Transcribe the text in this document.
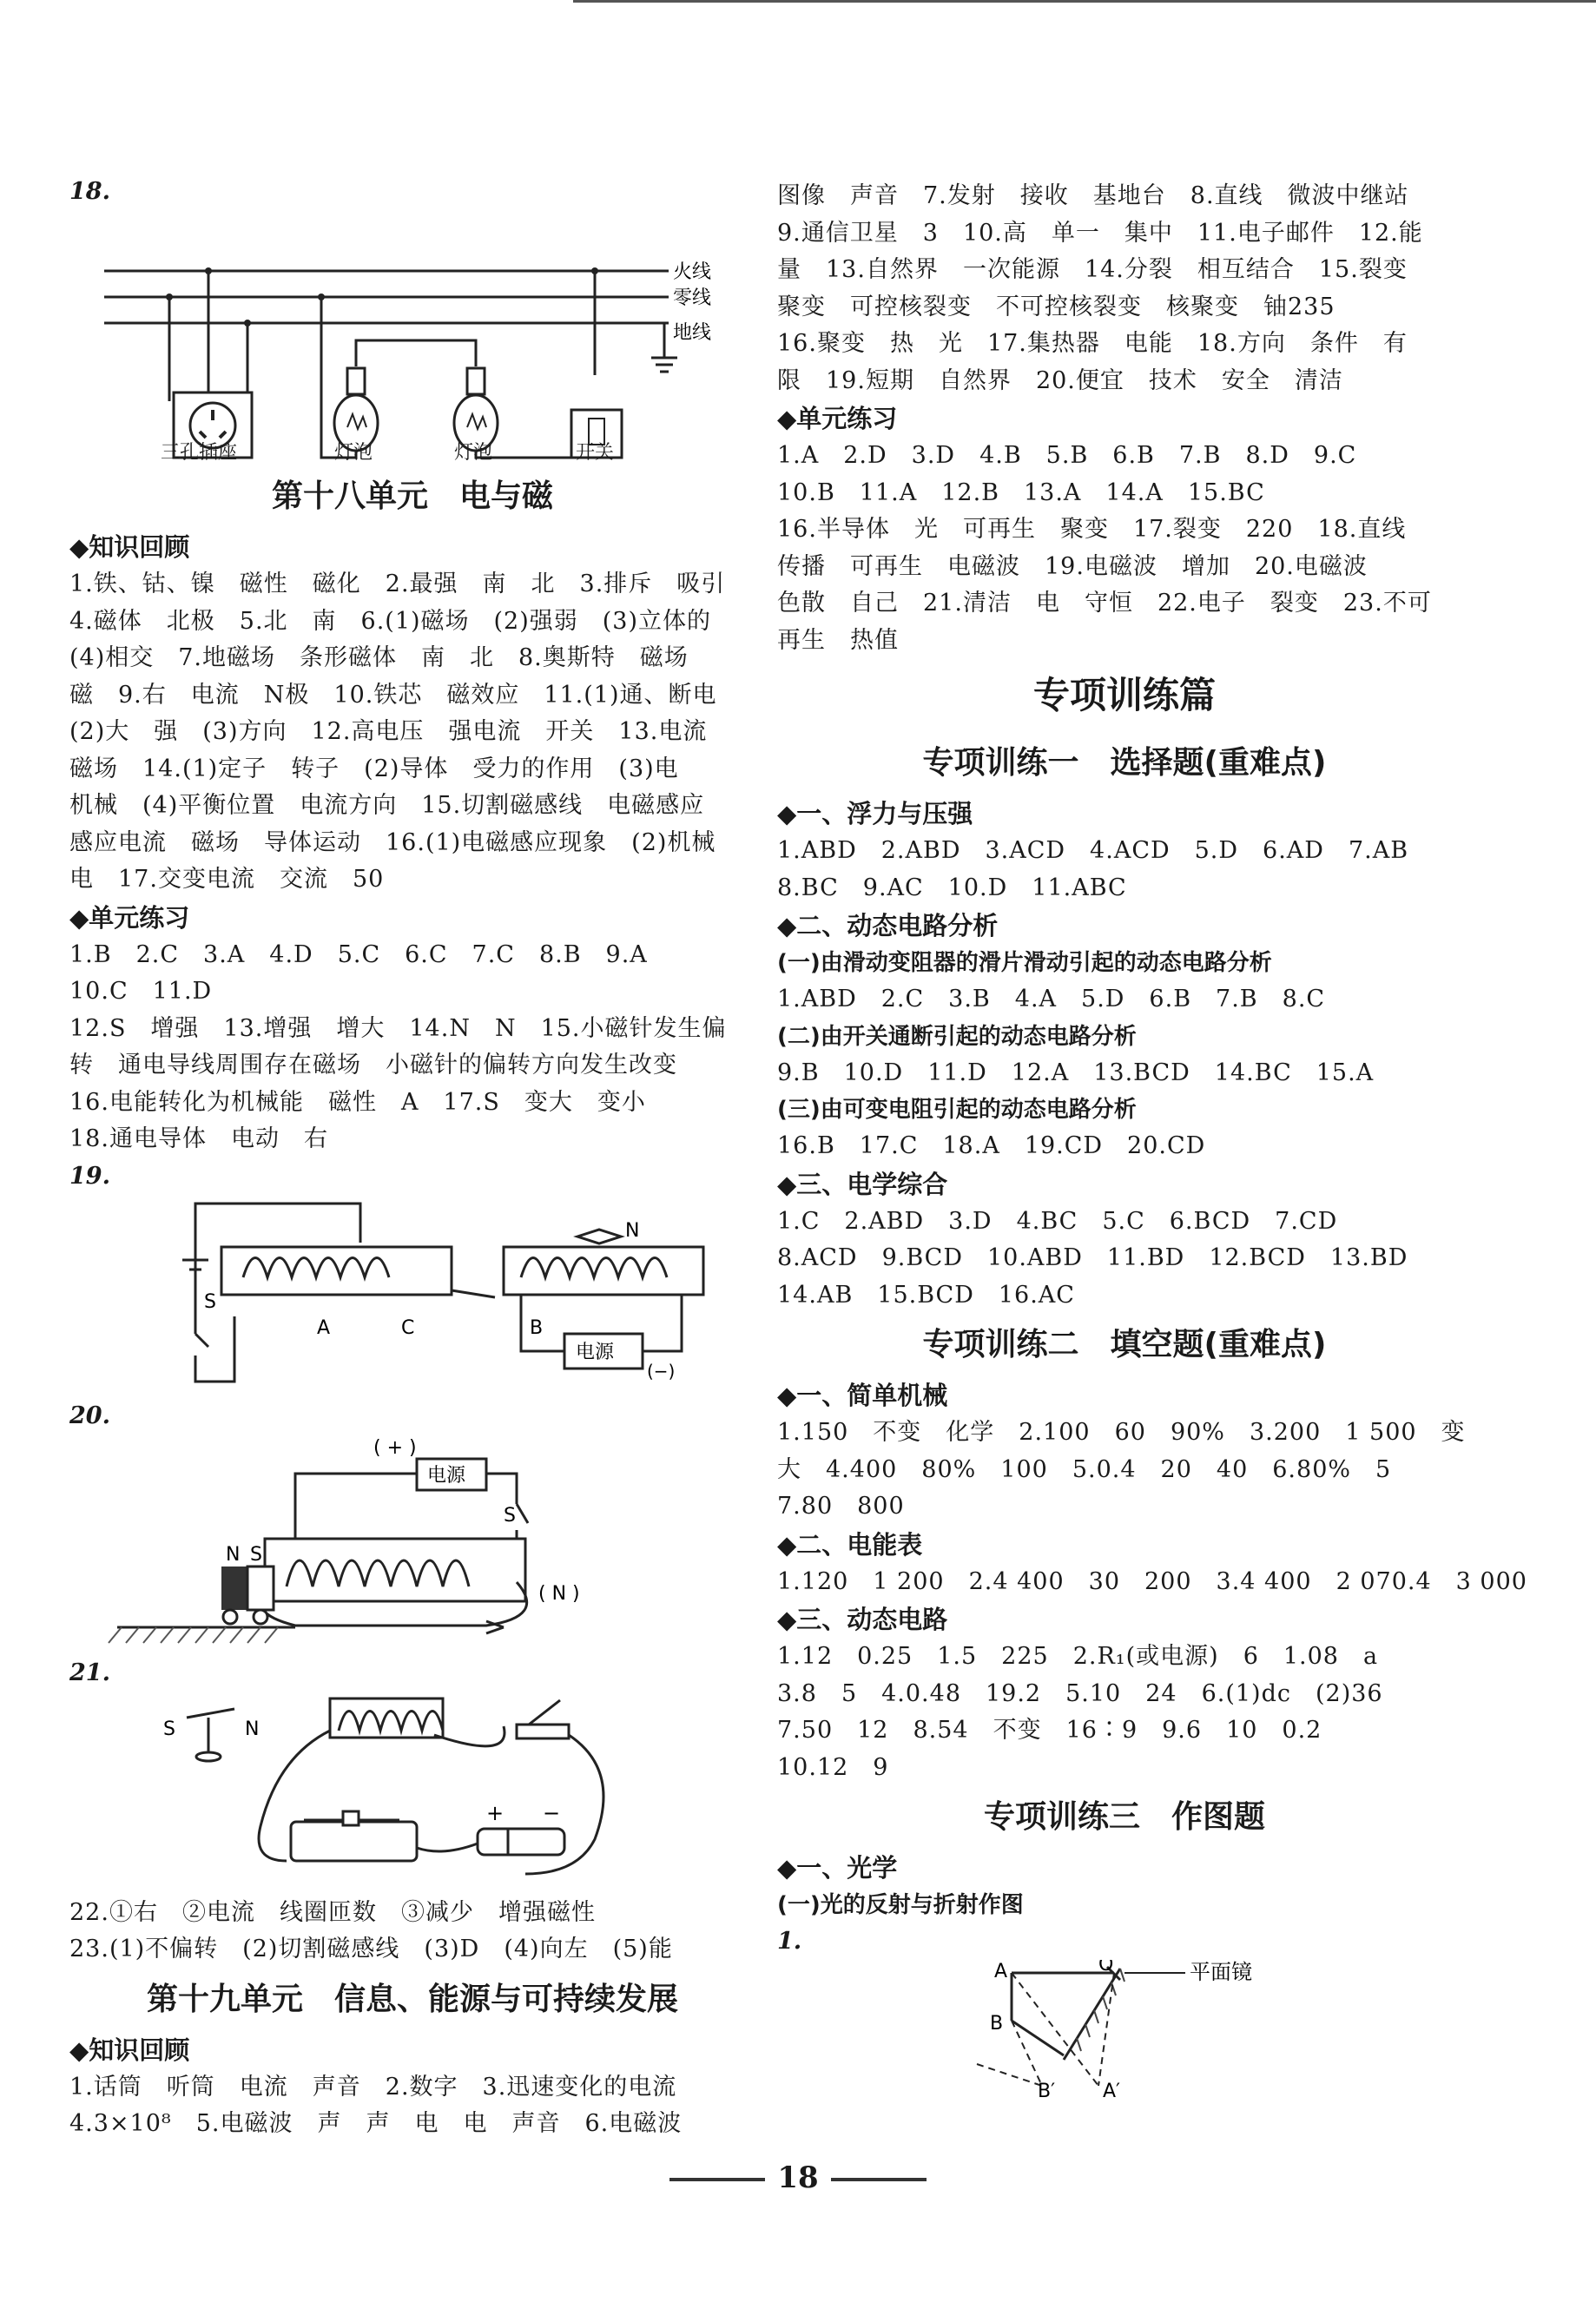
18.
火线
零线
地线
三孔插座	灯泡	灯泡	开关
第十八单元　电与磁
◆知识回顾
1.铁、钴、镍　磁性　磁化　2.最强　南　北　3.排斥　吸引
4.磁体　北极　5.北　南　6.(1)磁场　(2)强弱　(3)立体的
(4)相交　7.地磁场　条形磁体　南　北　8.奥斯特　磁场
磁　9.右　电流　N极　10.铁芯　磁效应　11.(1)通、断电
(2)大　强　(3)方向　12.高电压　强电流　开关　13.电流
磁场　14.(1)定子　转子　(2)导体　受力的作用　(3)电
机械　(4)平衡位置　电流方向　15.切割磁感线　电磁感应
感应电流　磁场　导体运动　16.(1)电磁感应现象　(2)机械
电　17.交变电流　交流　50
◆单元练习
1.B　2.C　3.A　4.D　5.C　6.C　7.C　8.B　9.A
10.C　11.D
12.S　增强　13.增强　增大　14.N　N　15.小磁针发生偏
转　通电导线周围存在磁场　小磁针的偏转方向发生改变
16.电能转化为机械能　磁性　A　17.S　变大　变小
18.通电导体　电动　右
19.
S
A	C	B
N
电源
(−)
20.
( + )
电源
S
N S
( N )
21.
S	N
+ −
22.①右　②电流　线圈匝数　③减少　增强磁性
23.(1)不偏转　(2)切割磁感线　(3)D　(4)向左　(5)能
第十九单元　信息、能源与可持续发展
◆知识回顾
1.话筒　听筒　电流　声音　2.数字　3.迅速变化的电流
4.3×10⁸　5.电磁波　声　声　电　电　声音　6.电磁波
图像　声音　7.发射　接收　基地台　8.直线　微波中继站
9.通信卫星　3　10.高　单一　集中　11.电子邮件　12.能
量　13.自然界　一次能源　14.分裂　相互结合　15.裂变
聚变　可控核裂变　不可控核裂变　核聚变　铀235
16.聚变　热　光　17.集热器　电能　18.方向　条件　有
限　19.短期　自然界　20.便宜　技术　安全　清洁
◆单元练习
1.A　2.D　3.D　4.B　5.B　6.B　7.B　8.D　9.C
10.B　11.A　12.B　13.A　14.A　15.BC
16.半导体　光　可再生　聚变　17.裂变　220　18.直线
传播　可再生　电磁波　19.电磁波　增加　20.电磁波
色散　自己　21.清洁　电　守恒　22.电子　裂变　23.不可
再生　热值
专项训练篇
专项训练一　选择题(重难点)
◆一、浮力与压强
1.ABD　2.ABD　3.ACD　4.ACD　5.D　6.AD　7.AB
8.BC　9.AC　10.D　11.ABC
◆二、动态电路分析
(一)由滑动变阻器的滑片滑动引起的动态电路分析
1.ABD　2.C　3.B　4.A　5.D　6.B　7.B　8.C
(二)由开关通断引起的动态电路分析
9.B　10.D　11.D　12.A　13.BCD　14.BC　15.A
(三)由可变电阻引起的动态电路分析
16.B　17.C　18.A　19.CD　20.CD
◆三、电学综合
1.C　2.ABD　3.D　4.BC　5.C　6.BCD　7.CD
8.ACD　9.BCD　10.ABD　11.BD　12.BCD　13.BD
14.AB　15.BCD　16.AC
专项训练二　填空题(重难点)
◆一、简单机械
1.150　不变　化学　2.100　60　90%　3.200　1 500　变
大　4.400　80%　100　5.0.4　20　40　6.80%　5
7.80　800
◆二、电能表
1.120　1 200　2.4 400　30　200　3.4 400　2 070.4　3 000
◆三、动态电路
1.12　0.25　1.5　225　2.R₁(或电源)　6　1.08　a
3.8　5　4.0.48　19.2　5.10　24　6.(1)dc　(2)36
7.50　12　8.54　不变　16∶9　9.6　10　0.2
10.12　9
专项训练三　作图题
◆一、光学
(一)光的反射与折射作图
1.
A	O	平面镜
B
B′ A′
18
